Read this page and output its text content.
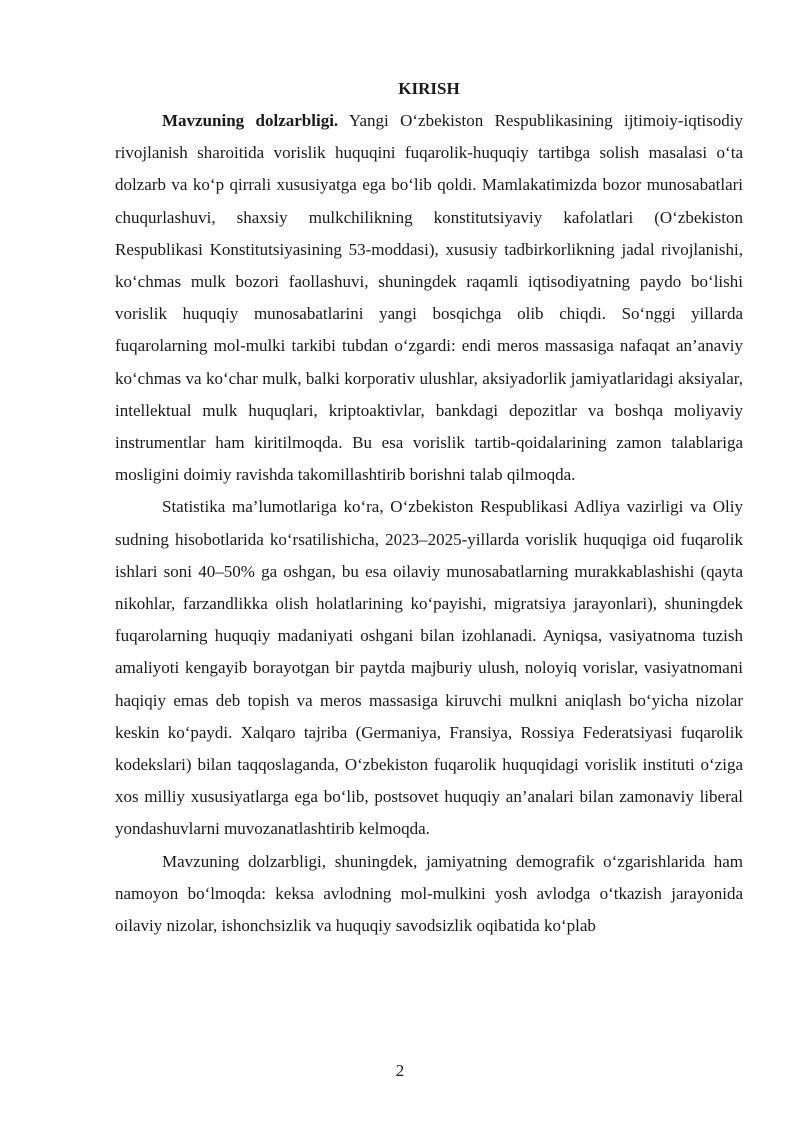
KIRISH

Mavzuning dolzarbligi. Yangi O‘zbekiston Respublikasining ijtimoiy-iqtisodiy rivojlanish sharoitida vorislik huquqini fuqarolik-huquqiy tartibga solish masalasi o‘ta dolzarb va ko‘p qirrali xususiyatga ega bo‘lib qoldi. Mamlakatimizda bozor munosabatlari chuqurlashuvi, shaxsiy mulkchilikning konstitutsiyaviy kafolatlari (O‘zbekiston Respublikasi Konstitutsiyasining 53-moddasi), xususiy tadbirkorlikning jadal rivojlanishi, ko‘chmas mulk bozori faollashuvi, shuningdek raqamli iqtisodiyatning paydo bo‘lishi vorislik huquqiy munosabatlarini yangi bosqichga olib chiqdi. So‘nggi yillarda fuqarolarning mol-mulki tarkibi tubdan o‘zgardi: endi meros massasiga nafaqat an’anaviy ko‘chmas va ko‘char mulk, balki korporativ ulushlar, aksiyadorlik jamiyatlaridagi aksiyalar, intellektual mulk huquqlari, kriptoaktivlar, bankdagi depozitlar va boshqa moliyaviy instrumentlar ham kiritilmoqda. Bu esa vorislik tartib-qoidalarining zamon talablariga mosligini doimiy ravishda takomillashtirib borishni talab qilmoqda.

Statistika ma’lumotlariga ko‘ra, O‘zbekiston Respublikasi Adliya vazirligi va Oliy sudning hisobotlarida ko‘rsatilishicha, 2023–2025-yillarda vorislik huquqiga oid fuqarolik ishlari soni 40–50% ga oshgan, bu esa oilaviy munosabatlarning murakkablashishi (qayta nikohlar, farzandlikka olish holatlarining ko‘payishi, migratsiya jarayonlari), shuningdek fuqarolarning huquqiy madaniyati oshgani bilan izohlanadi. Ayniqsa, vasiyatnoma tuzish amaliyoti kengayib borayotgan bir paytda majburiy ulush, noloyiq vorislar, vasiyatnomani haqiqiy emas deb topish va meros massasiga kiruvchi mulkni aniqlash bo‘yicha nizolar keskin ko‘paydi. Xalqaro tajriba (Germaniya, Fransiya, Rossiya Federatsiyasi fuqarolik kodekslari) bilan taqqoslaganda, O‘zbekiston fuqarolik huquqidagi vorislik instituti o‘ziga xos milliy xususiyatlarga ega bo‘lib, postsovet huquqiy an’analari bilan zamonaviy liberal yondashuvlarni muvozanatlashtirib kelmoqda.

Mavzuning dolzarbligi, shuningdek, jamiyatning demografik o‘zgarishlarida ham namoyon bo‘lmoqda: keksa avlodning mol-mulkini yosh avlodga o‘tkazish jarayonida oilaviy nizolar, ishonchsizlik va huquqiy savodsizlik oqibatida ko‘plab

2
